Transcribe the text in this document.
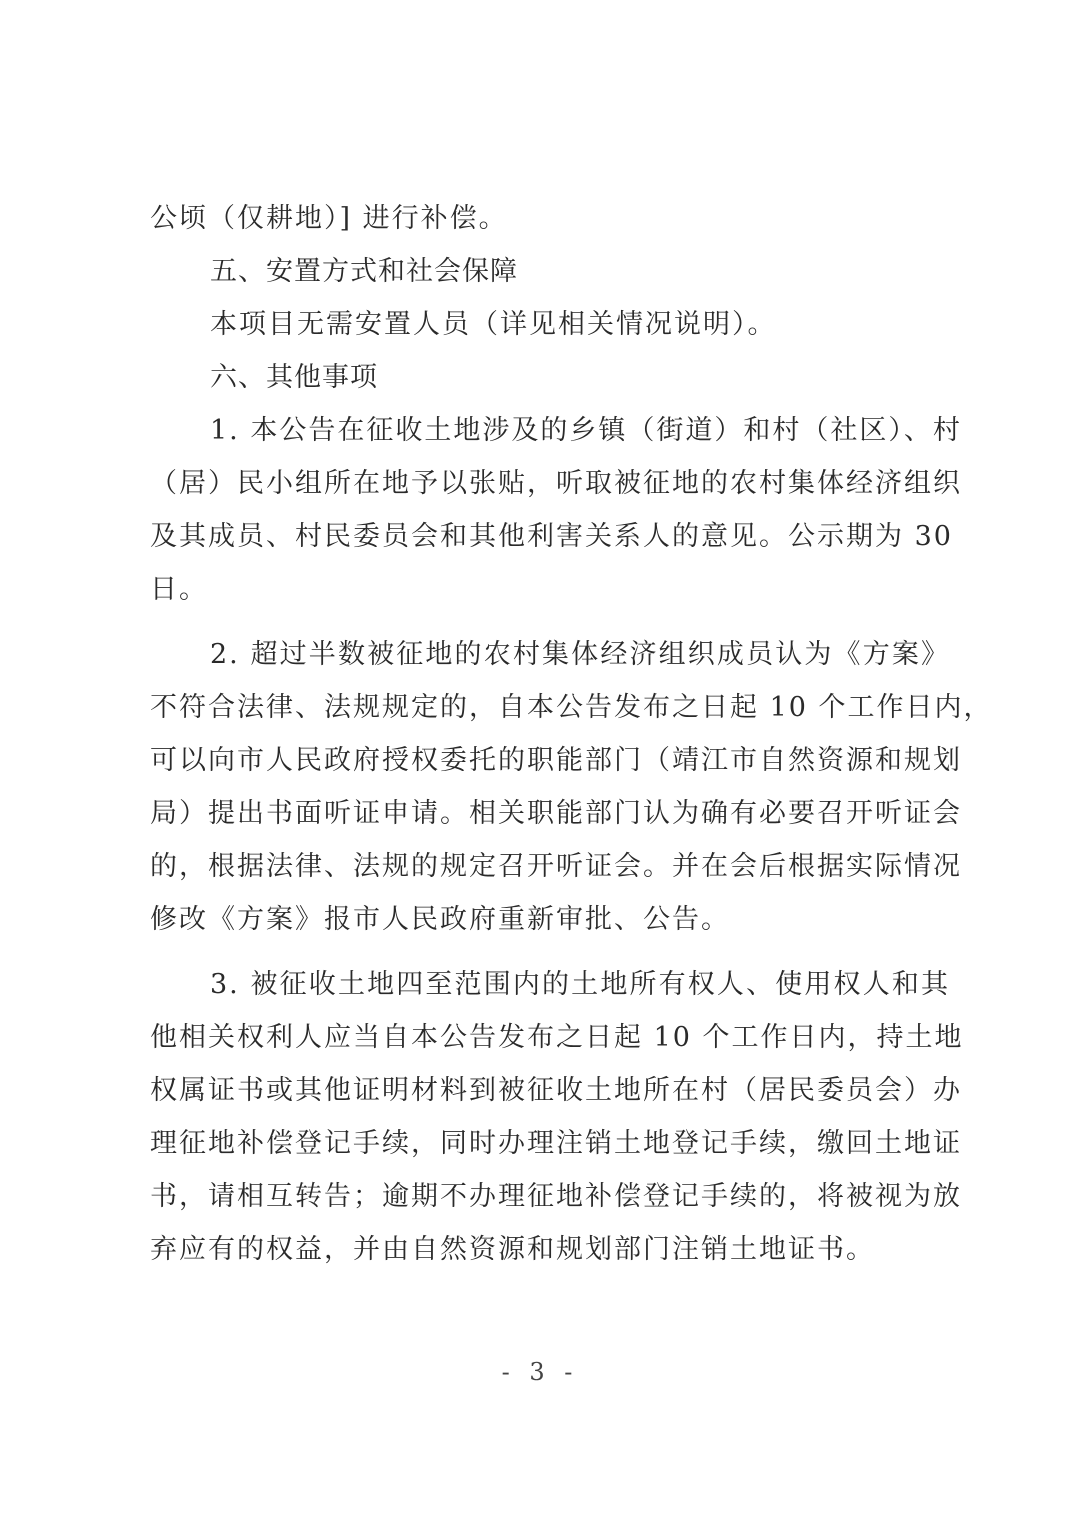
公顷（仅耕地）] 进行补偿。
五、安置方式和社会保障
本项目无需安置人员（详见相关情况说明）。
六、其他事项
1. 本公告在征收土地涉及的乡镇（街道）和村（社区）、村
（居）民小组所在地予以张贴，听取被征地的农村集体经济组织
及其成员、村民委员会和其他利害关系人的意见。公示期为 30
日。
2. 超过半数被征地的农村集体经济组织成员认为《方案》
不符合法律、法规规定的，自本公告发布之日起 10 个工作日内，
可以向市人民政府授权委托的职能部门（靖江市自然资源和规划
局）提出书面听证申请。相关职能部门认为确有必要召开听证会
的，根据法律、法规的规定召开听证会。并在会后根据实际情况
修改《方案》报市人民政府重新审批、公告。
3. 被征收土地四至范围内的土地所有权人、使用权人和其
他相关权利人应当自本公告发布之日起 10 个工作日内，持土地
权属证书或其他证明材料到被征收土地所在村（居民委员会）办
理征地补偿登记手续，同时办理注销土地登记手续，缴回土地证
书，请相互转告；逾期不办理征地补偿登记手续的，将被视为放
弃应有的权益，并由自然资源和规划部门注销土地证书。
- 3 -
